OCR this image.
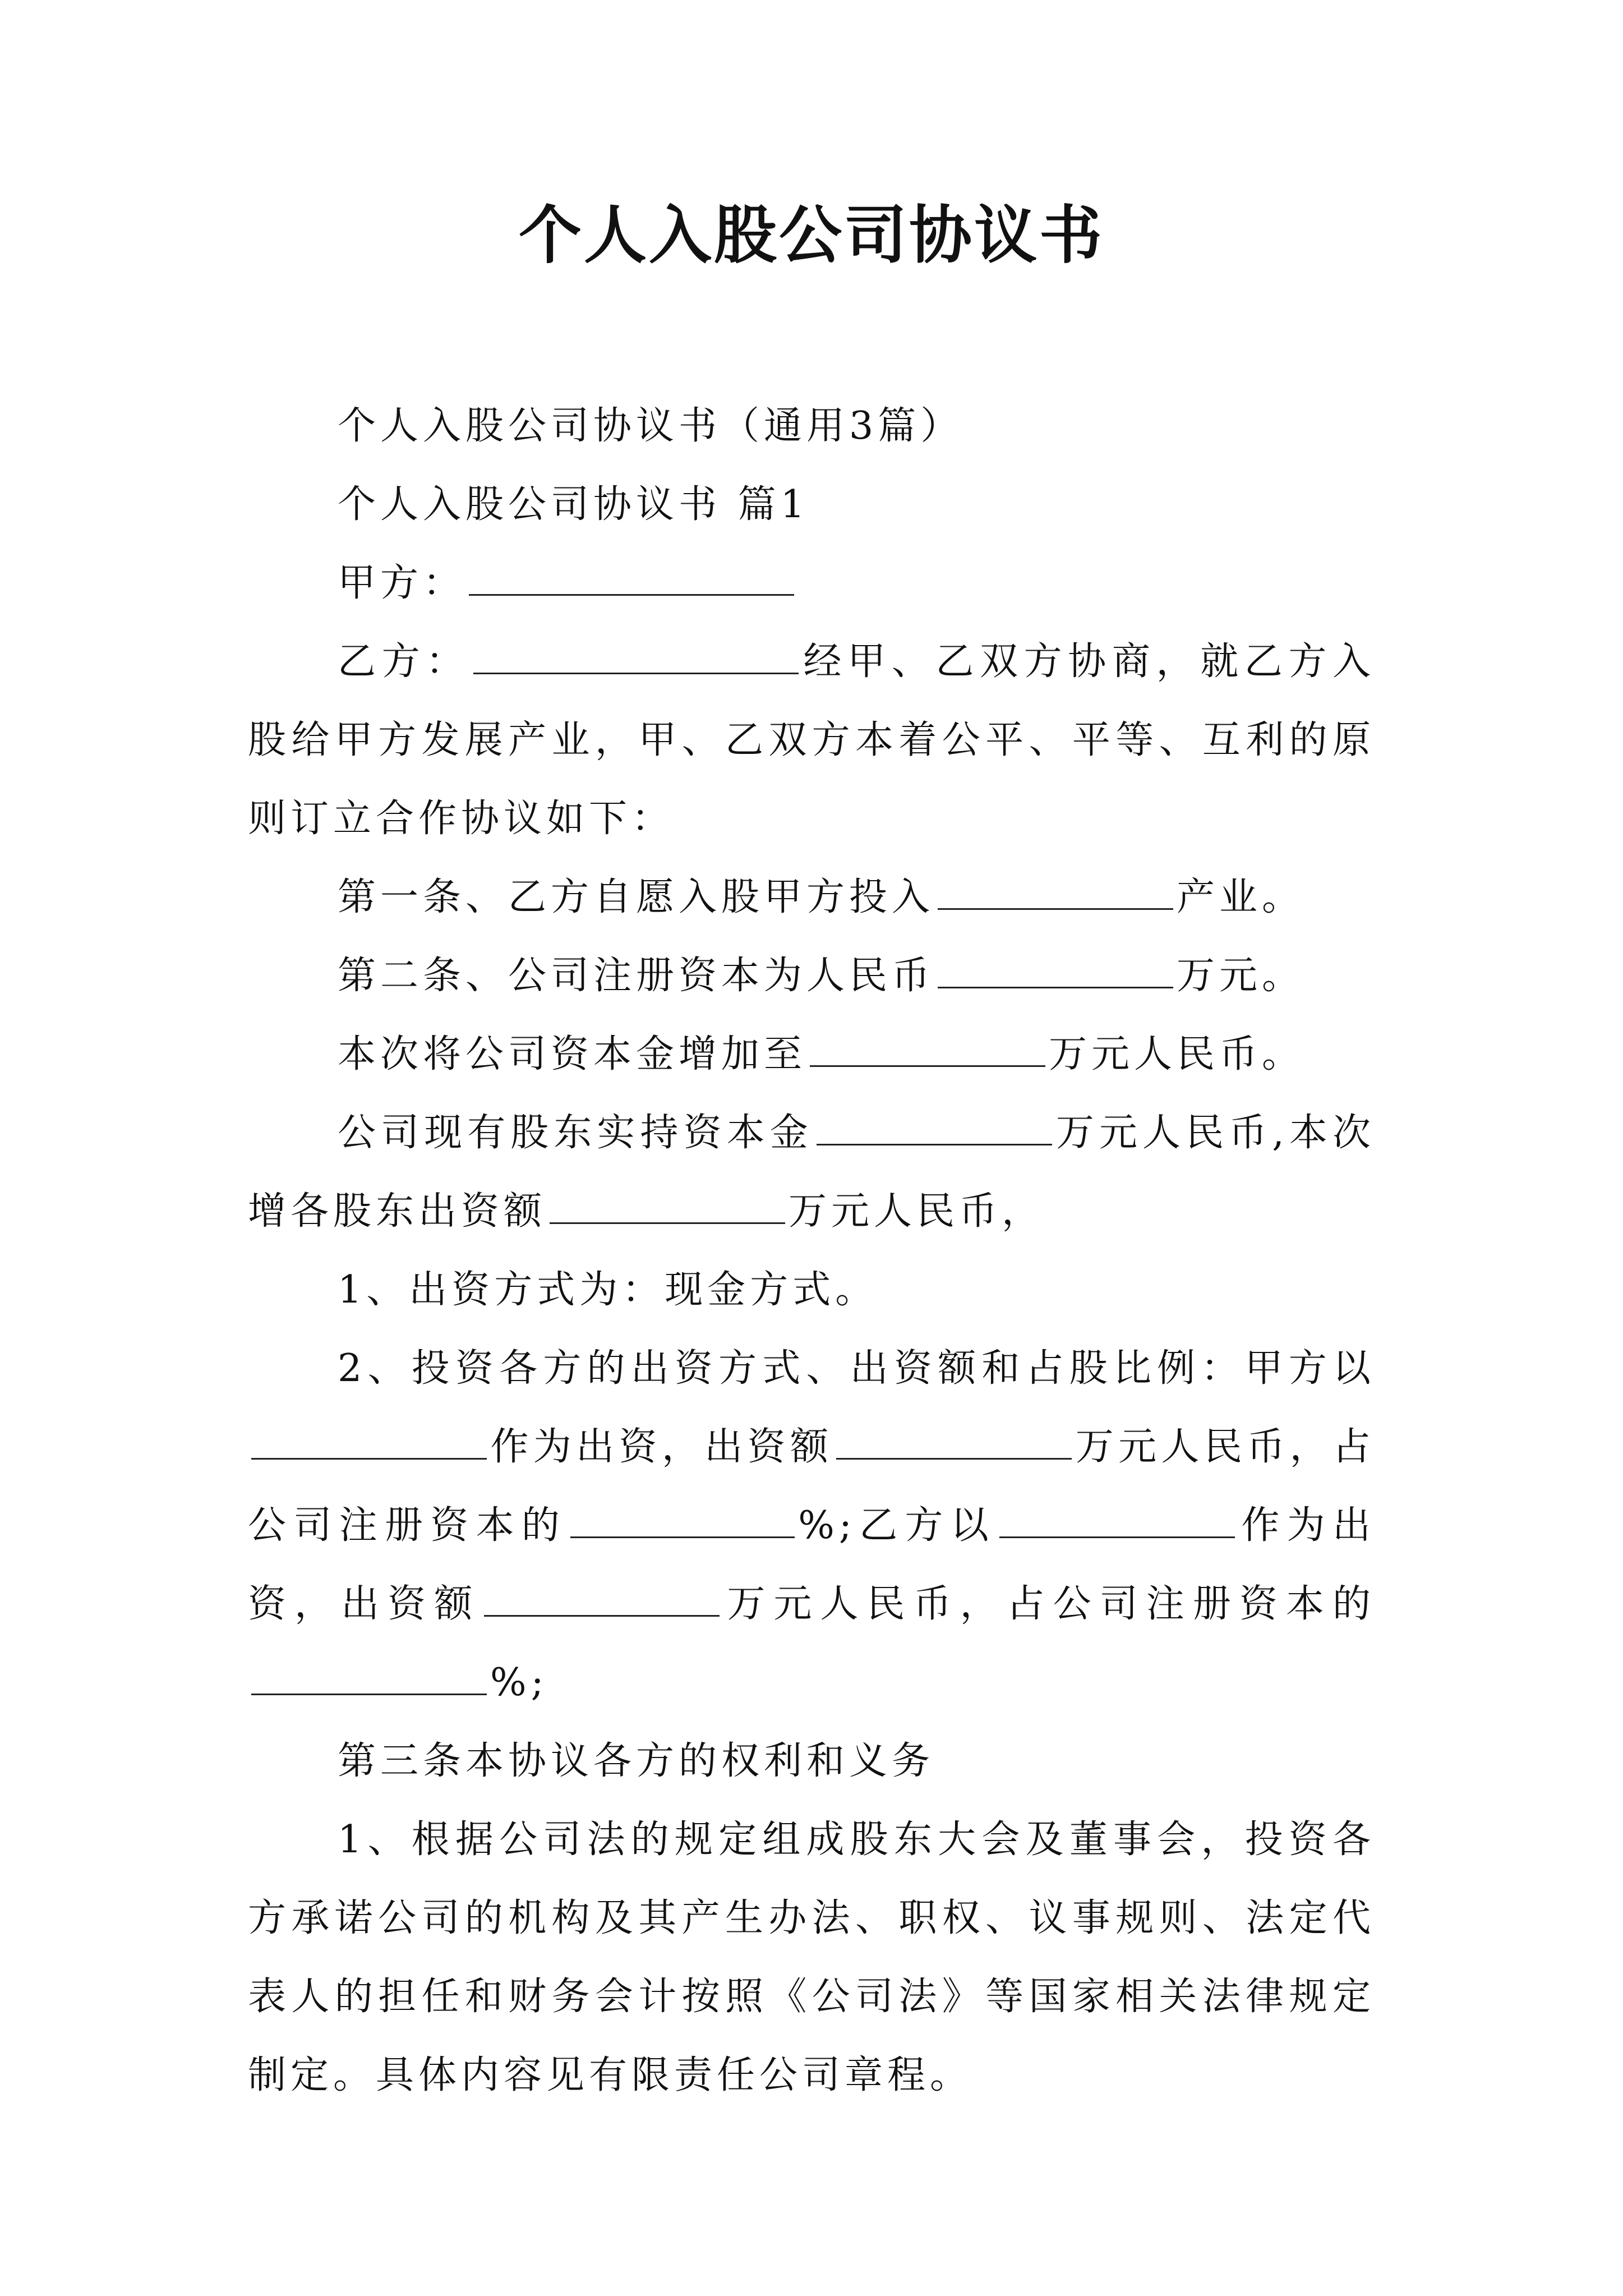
个人入股公司协议书
个人入股公司协议书（通用3篇）
个人入股公司协议书 篇1
甲方：
乙方：	经甲、乙双方协商，就乙方入股给甲方发展产业，甲、乙双方本着公平、平等、互利的原则订立合作协议如下：
第一条、乙方自愿入股甲方投入	产业。
第二条、公司注册资本为人民币	万元。
本次将公司资本金增加至	万元人民币。
公司现有股东实持资本金	万元人民币,本次增各股东出资额	万元人民币，
1、出资方式为：现金方式。
2、投资各方的出资方式、出资额和占股比例：甲方以作为出资，出资额	万元人民币，占公司注册资本的	%;乙方以	作为出资，出资额	万元人民币，占公司注册资本的%;
第三条本协议各方的权利和义务
1、根据公司法的规定组成股东大会及董事会，投资各方承诺公司的机构及其产生办法、职权、议事规则、法定代表人的担任和财务会计按照《公司法》等国家相关法律规定制定。具体内容见有限责任公司章程。
